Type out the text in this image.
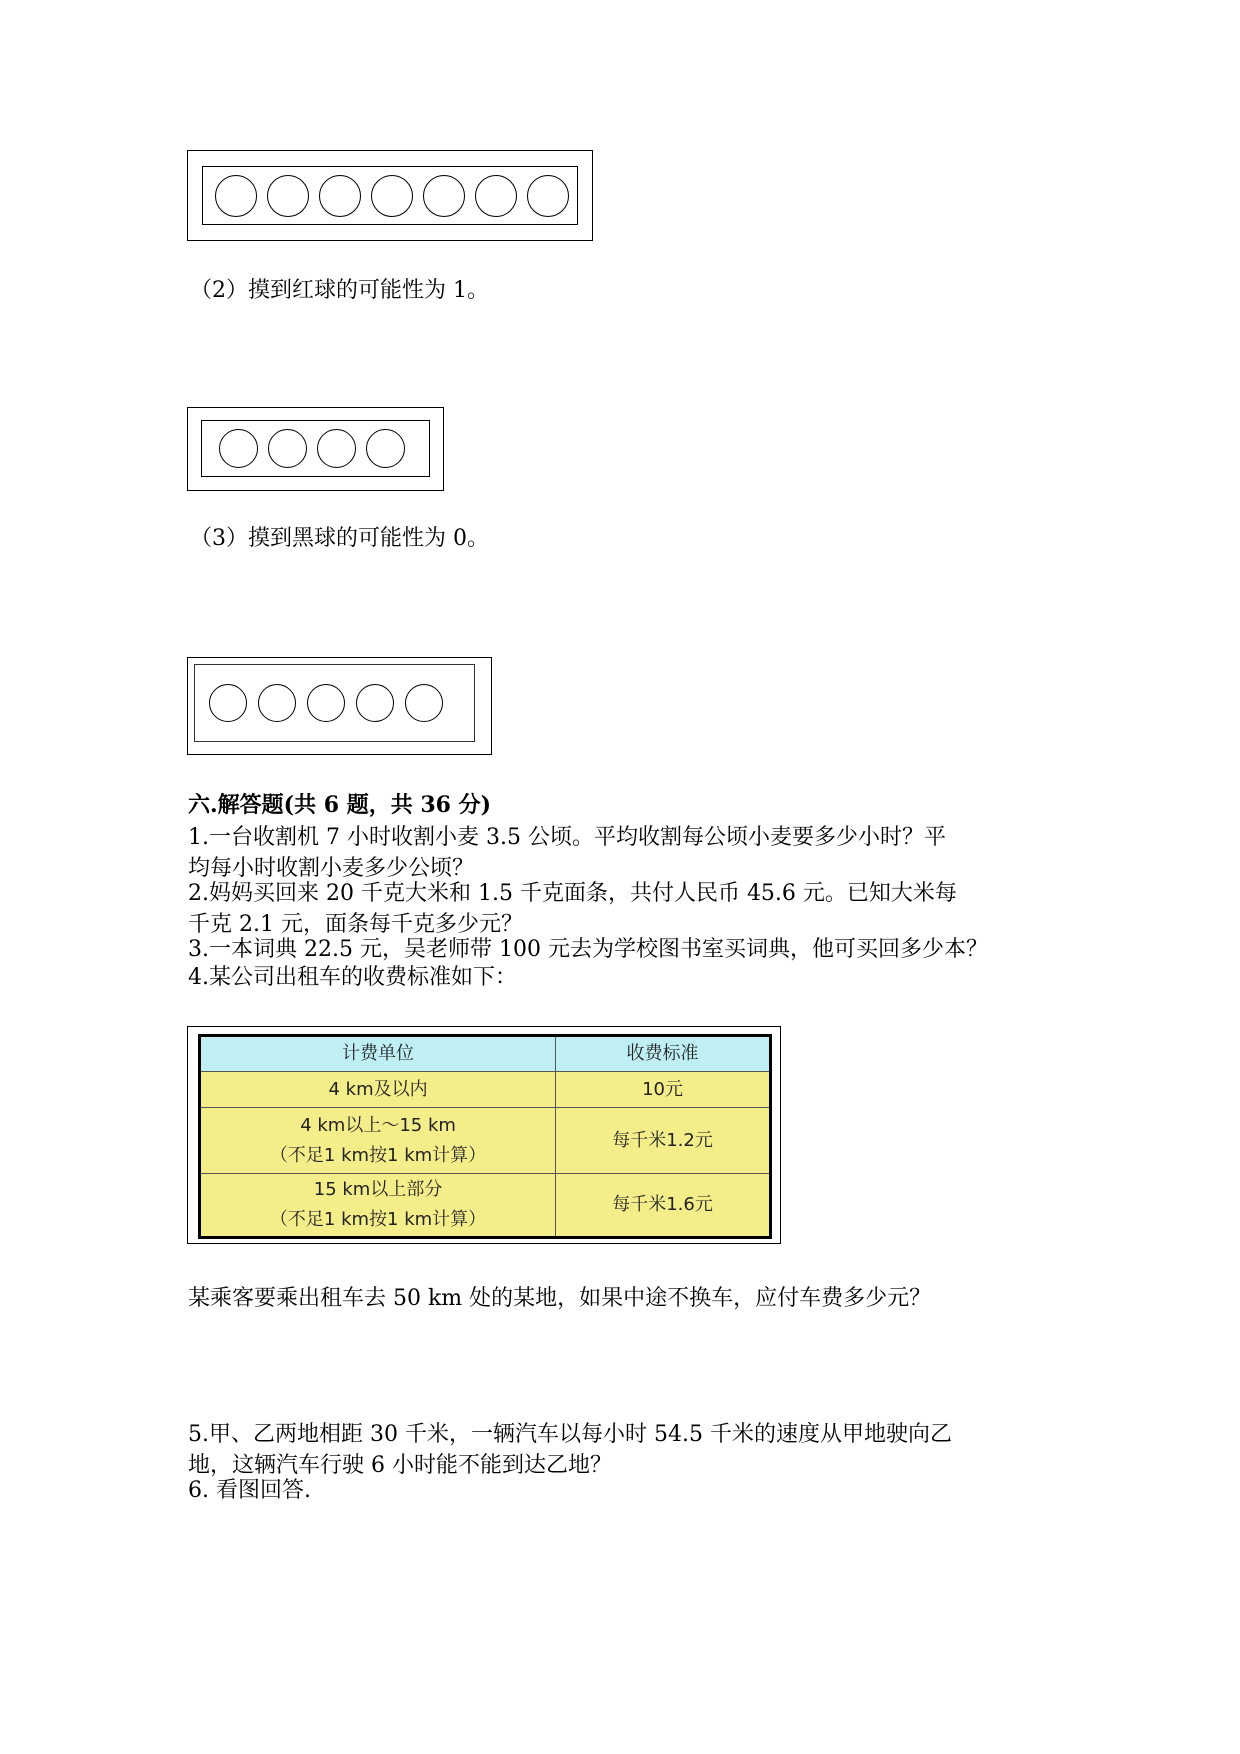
（2）摸到红球的可能性为 1。
（3）摸到黑球的可能性为 0。
六.解答题(共 6 题，共 36 分)
1.一台收割机 7 小时收割小麦 3.5 公顷。平均收割每公顷小麦要多少小时？平
均每小时收割小麦多少公顷？
2.妈妈买回来 20 千克大米和 1.5 千克面条，共付人民币 45.6 元。已知大米每
千克 2.1 元，面条每千克多少元？
3.一本词典 22.5 元，吴老师带 100 元去为学校图书室买词典，他可买回多少本？
4.某公司出租车的收费标准如下：
计费单位	收费标准

4 km及以内	10元

4 km以上～15 km
（不足1 km按1 km计算）	每千米1.2元

15 km以上部分
（不足1 km按1 km计算）	每千米1.6元
某乘客要乘出租车去 50 km 处的某地，如果中途不换车，应付车费多少元？
5.甲、乙两地相距 30 千米，一辆汽车以每小时 54.5 千米的速度从甲地驶向乙
地，这辆汽车行驶 6 小时能不能到达乙地？
6. 看图回答.
